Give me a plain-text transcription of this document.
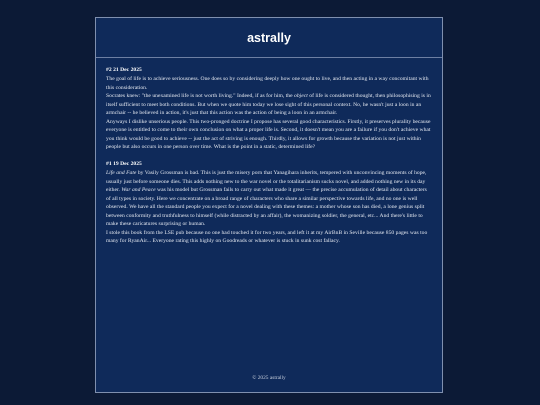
astrally
#2 21 Dec 2025

The goal of life is to achieve seriousness. One does so by considering deeply how one ought to live, and then acting in a way concomitant with this consideration.

Socrates knew: "the unexamined life is not worth living." Indeed, if as for him, the object of life is considered thought, then philosophising is in itself sufficient to meet both conditions. But when we quote him today we lose sight of this personal context. No, he wasn't just a loon in an armchair -- he believed in action, it's just that this action was the action of being a loon in an armchair.

Anyways I dislike unserious people. This two-pronged doctrine I propose has several good characteristics. Firstly, it preserves plurality because everyone is entitled to come to their own conclusion on what a proper life is. Second, it doesn't mean you are a failure if you don't achieve what you think would be good to achieve -- just the act of striving is enough. Thirdly, it allows for growth because the variation is not just within people but also occurs in one person over time. What is the point in a static, determined life?

#1 19 Dec 2025

Life and Fate by Vasily Grossman is bad. This is just the misery porn that Yanagihara inherits, tempered with unconvincing moments of hope, usually just before someone dies. This adds nothing new to the war novel or the totalitarianism sucks novel, and added nothing new in its day either. War and Peace was his model but Grossman fails to carry out what made it great — the precise accumulation of detail about characters of all types in society. Here we concentrate on a broad range of characters who share a similar perspective towards life, and no one is well observed. We have all the standard people you expect for a novel dealing with these themes: a mother whose son has died, a lone genius split between conformity and truthfulness to himself (while distracted by an affair), the womanizing soldier, the general, etc... And there's little to make these caricatures surprising or human.

I stole this book from the LSE pub because no one had touched it for two years, and left it at my AirBnB in Seville because 850 pages was too many for RyanAir... Everyone rating this highly on Goodreads or whatever is stuck in sunk cost fallacy.

© 2025 astrally
